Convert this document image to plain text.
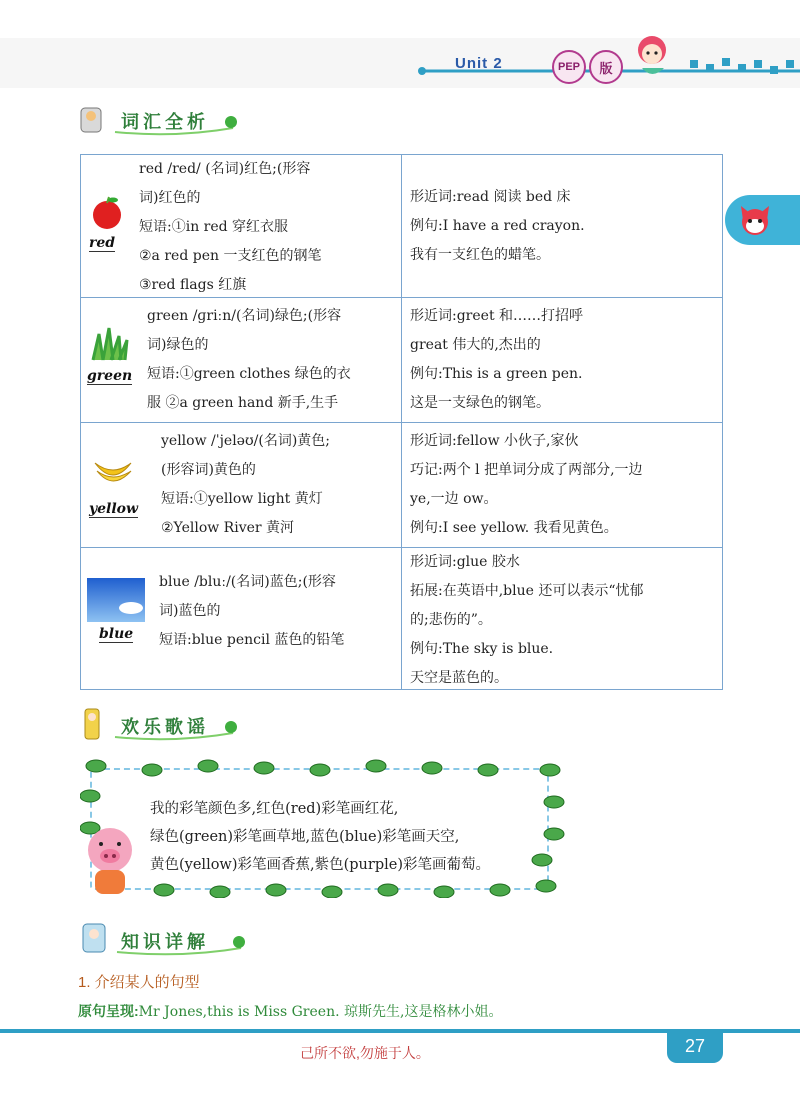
Unit 2	PEP	版
词汇全析
red
red /red/ (名词)红色;(形容
词)红色的
短语:①in red 穿红衣服
②a red pen 一支红色的钢笔
③red flags 红旗
形近词:read 阅读 bed 床
例句:I have a red crayon.
我有一支红色的蜡笔。
green
green /ɡriːn/(名词)绿色;(形容
词)绿色的
短语:①green clothes 绿色的衣
服 ②a green hand 新手,生手
形近词:greet 和……打招呼
great 伟大的,杰出的
例句:This is a green pen.
这是一支绿色的钢笔。
yellow
yellow /ˈjeləʊ/(名词)黄色;
(形容词)黄色的
短语:①yellow light 黄灯
②Yellow River 黄河
形近词:fellow 小伙子,家伙
巧记:两个 l 把单词分成了两部分,一边
ye,一边 ow。
例句:I see yellow. 我看见黄色。
blue
blue /bluː/(名词)蓝色;(形容
词)蓝色的
短语:blue pencil 蓝色的铅笔
形近词:glue 胶水
拓展:在英语中,blue 还可以表示“忧郁
的;悲伤的”。
例句:The sky is blue.
天空是蓝色的。
欢乐歌谣
我的彩笔颜色多,红色(red)彩笔画红花,
绿色(green)彩笔画草地,蓝色(blue)彩笔画天空,
黄色(yellow)彩笔画香蕉,紫色(purple)彩笔画葡萄。
知识详解
1. 介绍某人的句型
原句呈现:Mr Jones,this is Miss Green. 琼斯先生,这是格林小姐。
27
己所不欲,勿施于人。
